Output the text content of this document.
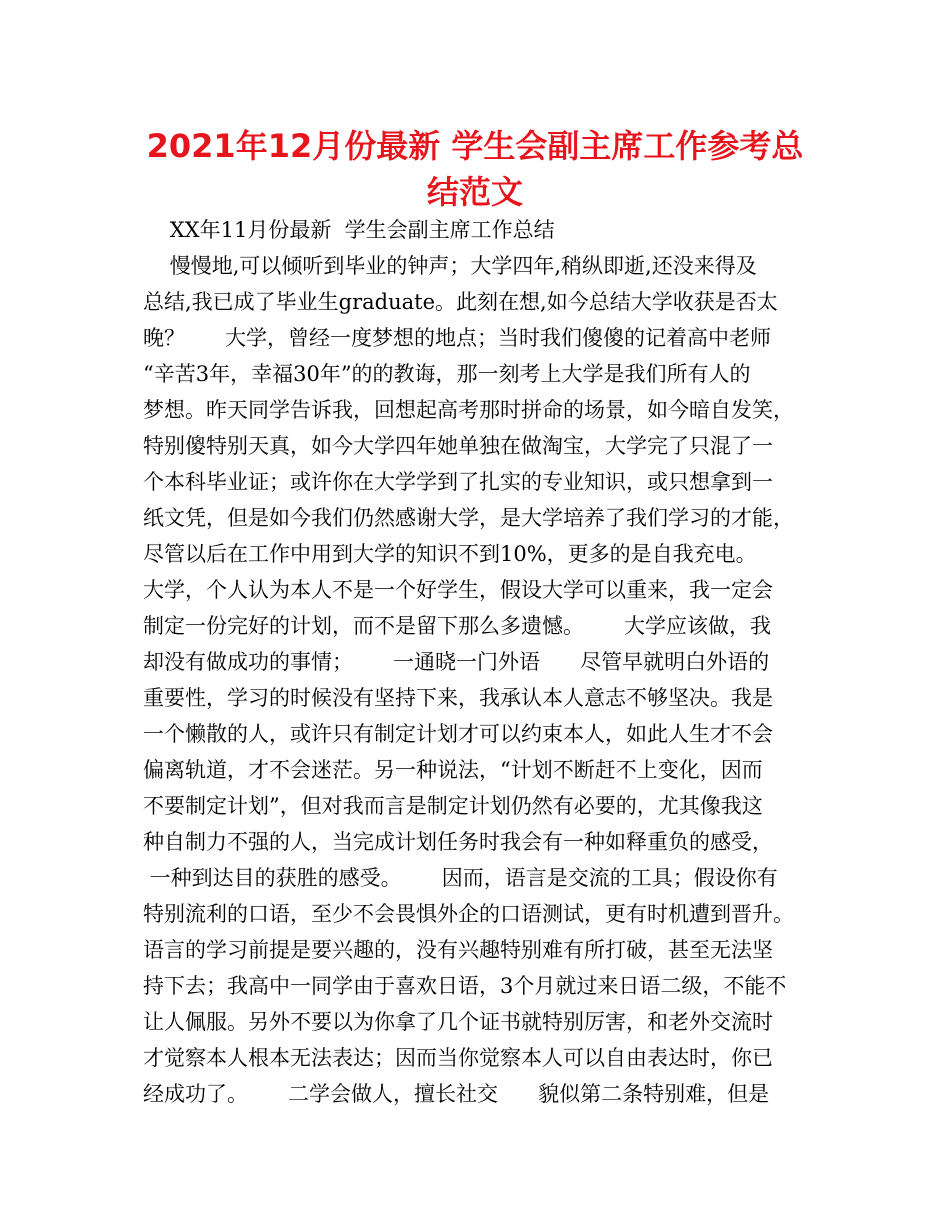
2021年12月份最新 学生会副主席工作参考总
结范文

XX年11月份最新  学生会副主席工作总结

慢慢地,可以倾听到毕业的钟声；大学四年,稍纵即逝,还没来得及

总结,我已成了毕业生graduate。此刻在想,如今总结大学收获是否太

晚？      大学，曾经一度梦想的地点；当时我们傻傻的记着高中老师

“辛苦3年，幸福30年”的的教诲，那一刻考上大学是我们所有人的

梦想。昨天同学告诉我，回想起高考那时拼命的场景，如今暗自发笑，

特别傻特别天真，如今大学四年她单独在做淘宝，大学完了只混了一

个本科毕业证；或许你在大学学到了扎实的专业知识，或只想拿到一

纸文凭，但是如今我们仍然感谢大学，是大学培养了我们学习的才能，

尽管以后在工作中用到大学的知识不到10%，更多的是自我充电。

大学，个人认为本人不是一个好学生，假设大学可以重来，我一定会

制定一份完好的计划，而不是留下那么多遗憾。      大学应该做，我

却没有做成功的事情；      一通晓一门外语      尽管早就明白外语的

重要性，学习的时候没有坚持下来，我承认本人意志不够坚决。我是

一个懒散的人，或许只有制定计划才可以约束本人，如此人生才不会

偏离轨道，才不会迷茫。另一种说法，“计划不断赶不上变化，因而

不要制定计划”，但对我而言是制定计划仍然有必要的，尤其像我这

种自制力不强的人，当完成计划任务时我会有一种如释重负的感受，

一种到达目的获胜的感受。      因而，语言是交流的工具；假设你有

特别流利的口语，至少不会畏惧外企的口语测试，更有时机遭到晋升。

语言的学习前提是要兴趣的，没有兴趣特别难有所打破，甚至无法坚

持下去；我高中一同学由于喜欢日语，3个月就过来日语二级，不能不

让人佩服。另外不要以为你拿了几个证书就特别厉害，和老外交流时

才觉察本人根本无法表达；因而当你觉察本人可以自由表达时，你已

经成功了。      二学会做人，擅长社交      貌似第二条特别难，但是
